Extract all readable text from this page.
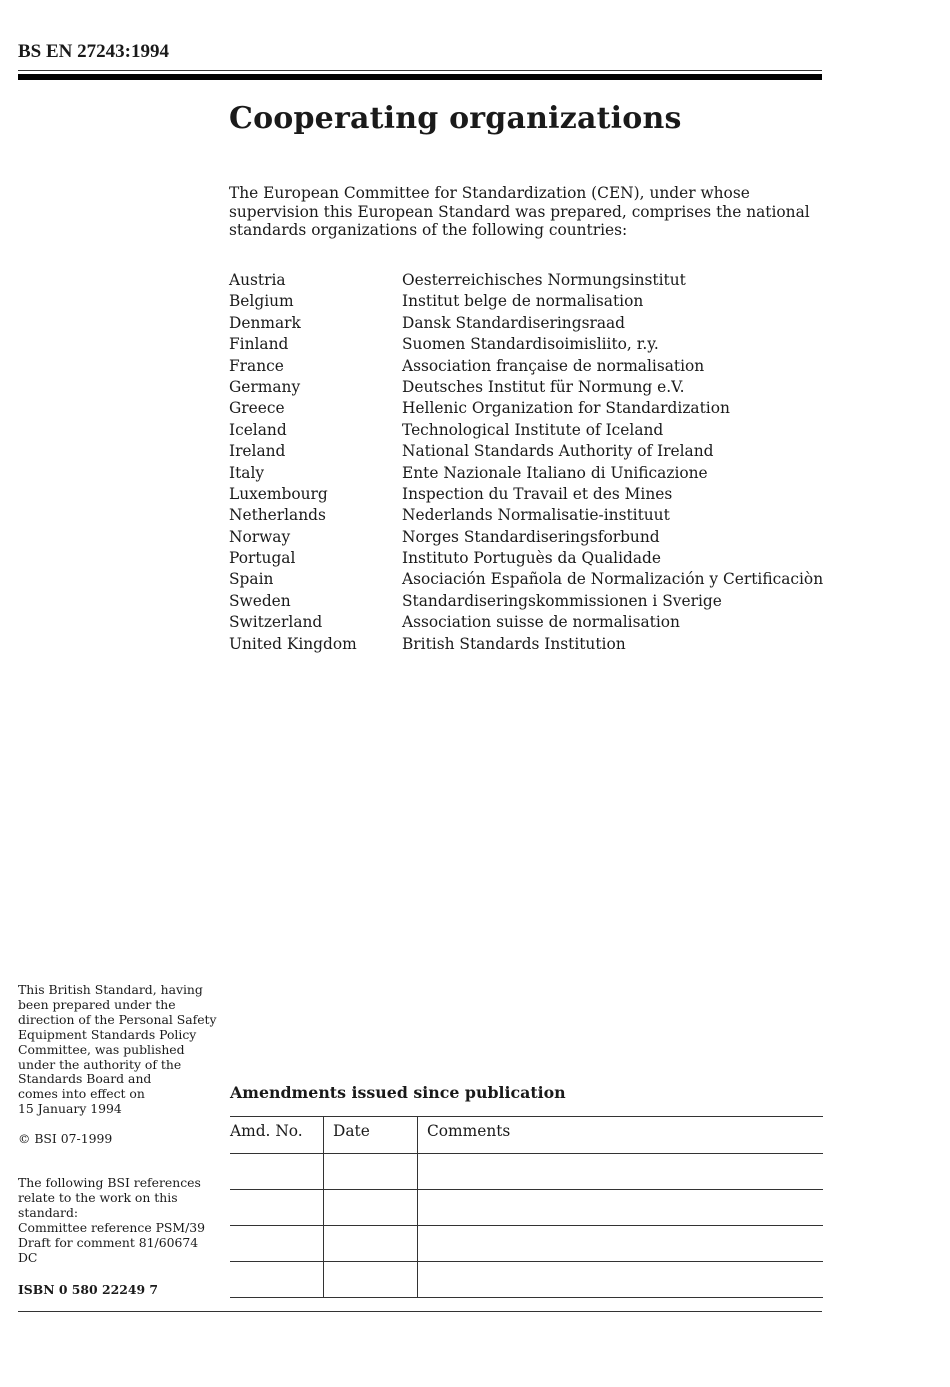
BS EN 27243:1994
Cooperating organizations

The European Committee for Standardization (CEN), under whose supervision this European Standard was prepared, comprises the national standards organizations of the following countries:

Austria	Oesterreichisches Normungsinstitut
Belgium	Institut belge de normalisation
Denmark	Dansk Standardiseringsraad
Finland	Suomen Standardisoimisliito, r.y.
France	Association française de normalisation
Germany	Deutsches Institut für Normung e.V.
Greece	Hellenic Organization for Standardization
Iceland	Technological Institute of Iceland
Ireland	National Standards Authority of Ireland
Italy	Ente Nazionale Italiano di Unificazione
Luxembourg	Inspection du Travail et des Mines
Netherlands	Nederlands Normalisatie-instituut
Norway	Norges Standardiseringsforbund
Portugal	Instituto Portuguès da Qualidade
Spain	Asociación Española de Normalización y Certificaciòn
Sweden	Standardiseringskommissionen i Sverige
Switzerland	Association suisse de normalisation
United Kingdom	British Standards Institution
This British Standard, having
been prepared under the
direction of the Personal Safety
Equipment Standards Policy
Committee, was published
under the authority of the
Standards Board and
comes into effect on
15 January 1994
© BSI 07-1999
The following BSI references
relate to the work on this
standard:
Committee reference PSM/39
Draft for comment 81/60674 DC
ISBN 0 580 22249 7
Amendments issued since publication
Amd. No.	Date	Comments
